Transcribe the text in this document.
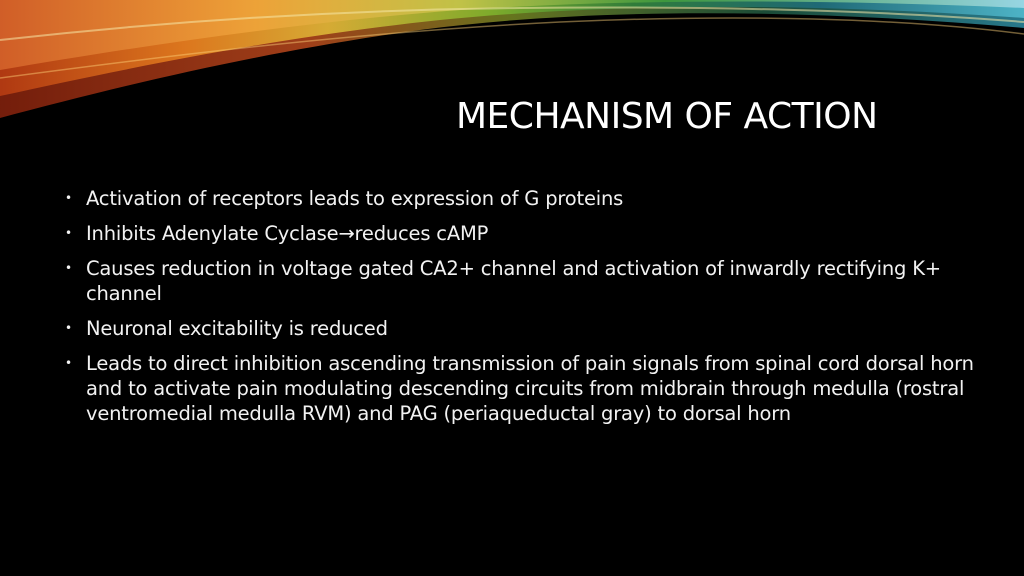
MECHANISM OF ACTION
• Activation of receptors leads to expression of G proteins
• Inhibits Adenylate Cyclase→reduces cAMP
• Causes reduction in voltage gated CA2+ channel and activation of inwardly rectifying K+ channel
• Neuronal excitability is reduced
• Leads to direct inhibition ascending transmission of pain signals from spinal cord dorsal horn and to activate pain modulating descending circuits from midbrain through medulla (rostral ventromedial medulla RVM) and PAG (periaqueductal gray) to dorsal horn
